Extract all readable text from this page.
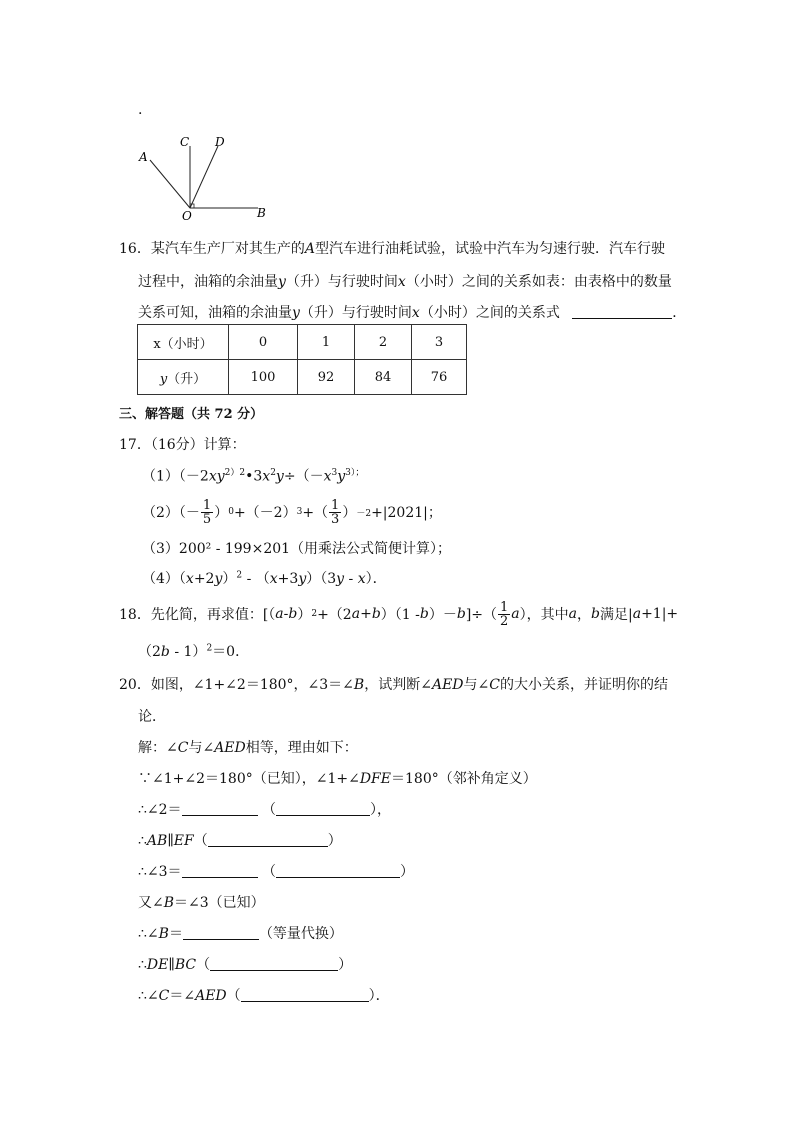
.
A
C D
O	B
16．某汽车生产厂对其生产的A型汽车进行油耗试验，试验中汽车为匀速行驶．汽车行驶
过程中，油箱的余油量y（升）与行驶时间x（小时）之间的关系如表：由表格中的数量
关系可知，油箱的余油量y（升）与行驶时间x（小时）之间的关系式	．
x（小时）	0	1	2	3
y（升）	100	92	84	76
三、解答题（共 72 分）
17．（16分）计算：
$(1)(-2xy^{2)2}•3x^2y\div(-x^3y^{3);}$
$(2)(- \frac{1}{5}$ ） 0 +（－2） 3 +（ $\frac{1}{3}$ ） －2 +|2021|；
（3）200² - 199×201（用乘法公式简便计算）；
$(4)(x+2y)^2 - (x+3y)(3y - x)$．
18．先化简，再求值：[（ a - b ） 2 +（2 a + b ）（1 - b ）－ b ]÷（ $\frac{1}{2}$ a ），其中 a ， b 满足| a +1|+
（2b - 1）$^2$＝0．
20．如图，∠1+∠2＝180°，∠3＝∠B，试判断∠AED与∠C的大小关系，并证明你的结
论．
解：∠C与∠AED相等，理由如下：
∵∠1+∠2＝180°（已知），∠1+∠DFE＝180°（邻补角定义）
∴∠2＝	（	），
∴AB∥EF（	）
∴∠3＝	（	）
又∠B＝∠3（已知）
∴∠B＝	（等量代换）
∴DE∥BC（	）
∴∠C＝∠AED（	）．
